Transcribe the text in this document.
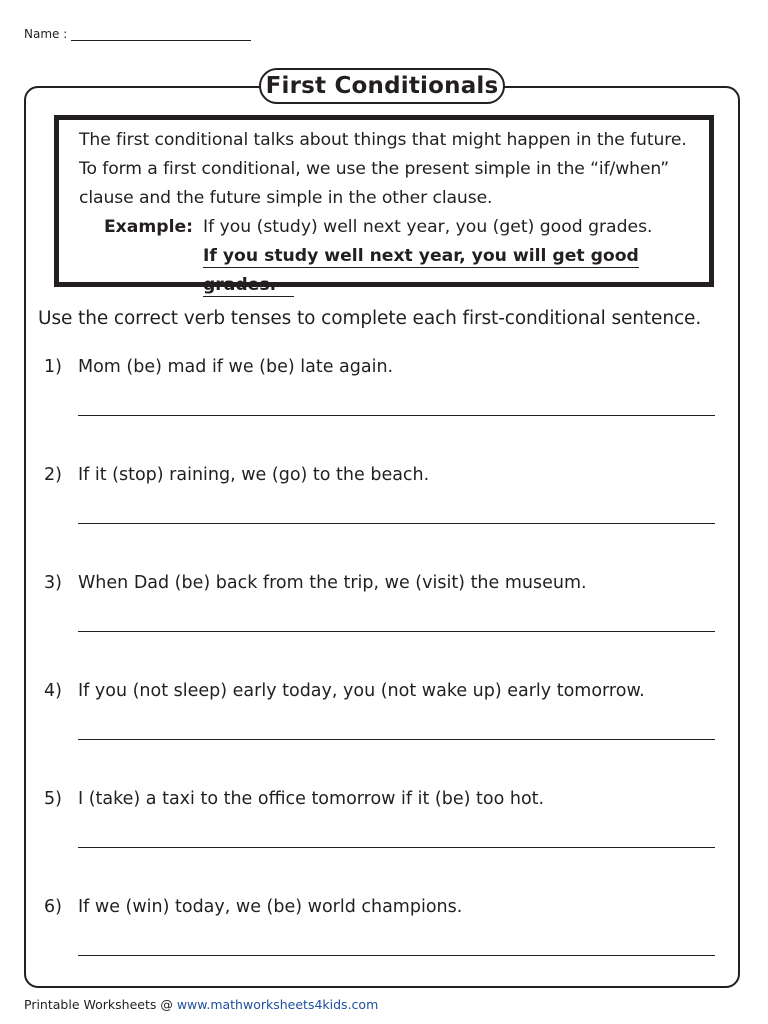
Name :
First Conditionals

The first conditional talks about things that might happen in the future. To form a first conditional, we use the present simple in the “if/when” clause and the future simple in the other clause.

Example: If you (study) well next year, you (get) good grades.
If you study well next year, you will get good grades.
Use the correct verb tenses to complete each first-conditional sentence.
1) Mom (be) mad if we (be) late again.
2) If it (stop) raining, we (go) to the beach.
3) When Dad (be) back from the trip, we (visit) the museum.
4) If you (not sleep) early today, you (not wake up) early tomorrow.
5) I (take) a taxi to the office tomorrow if it (be) too hot.
6) If we (win) today, we (be) world champions.
Printable Worksheets @ www.mathworksheets4kids.com
